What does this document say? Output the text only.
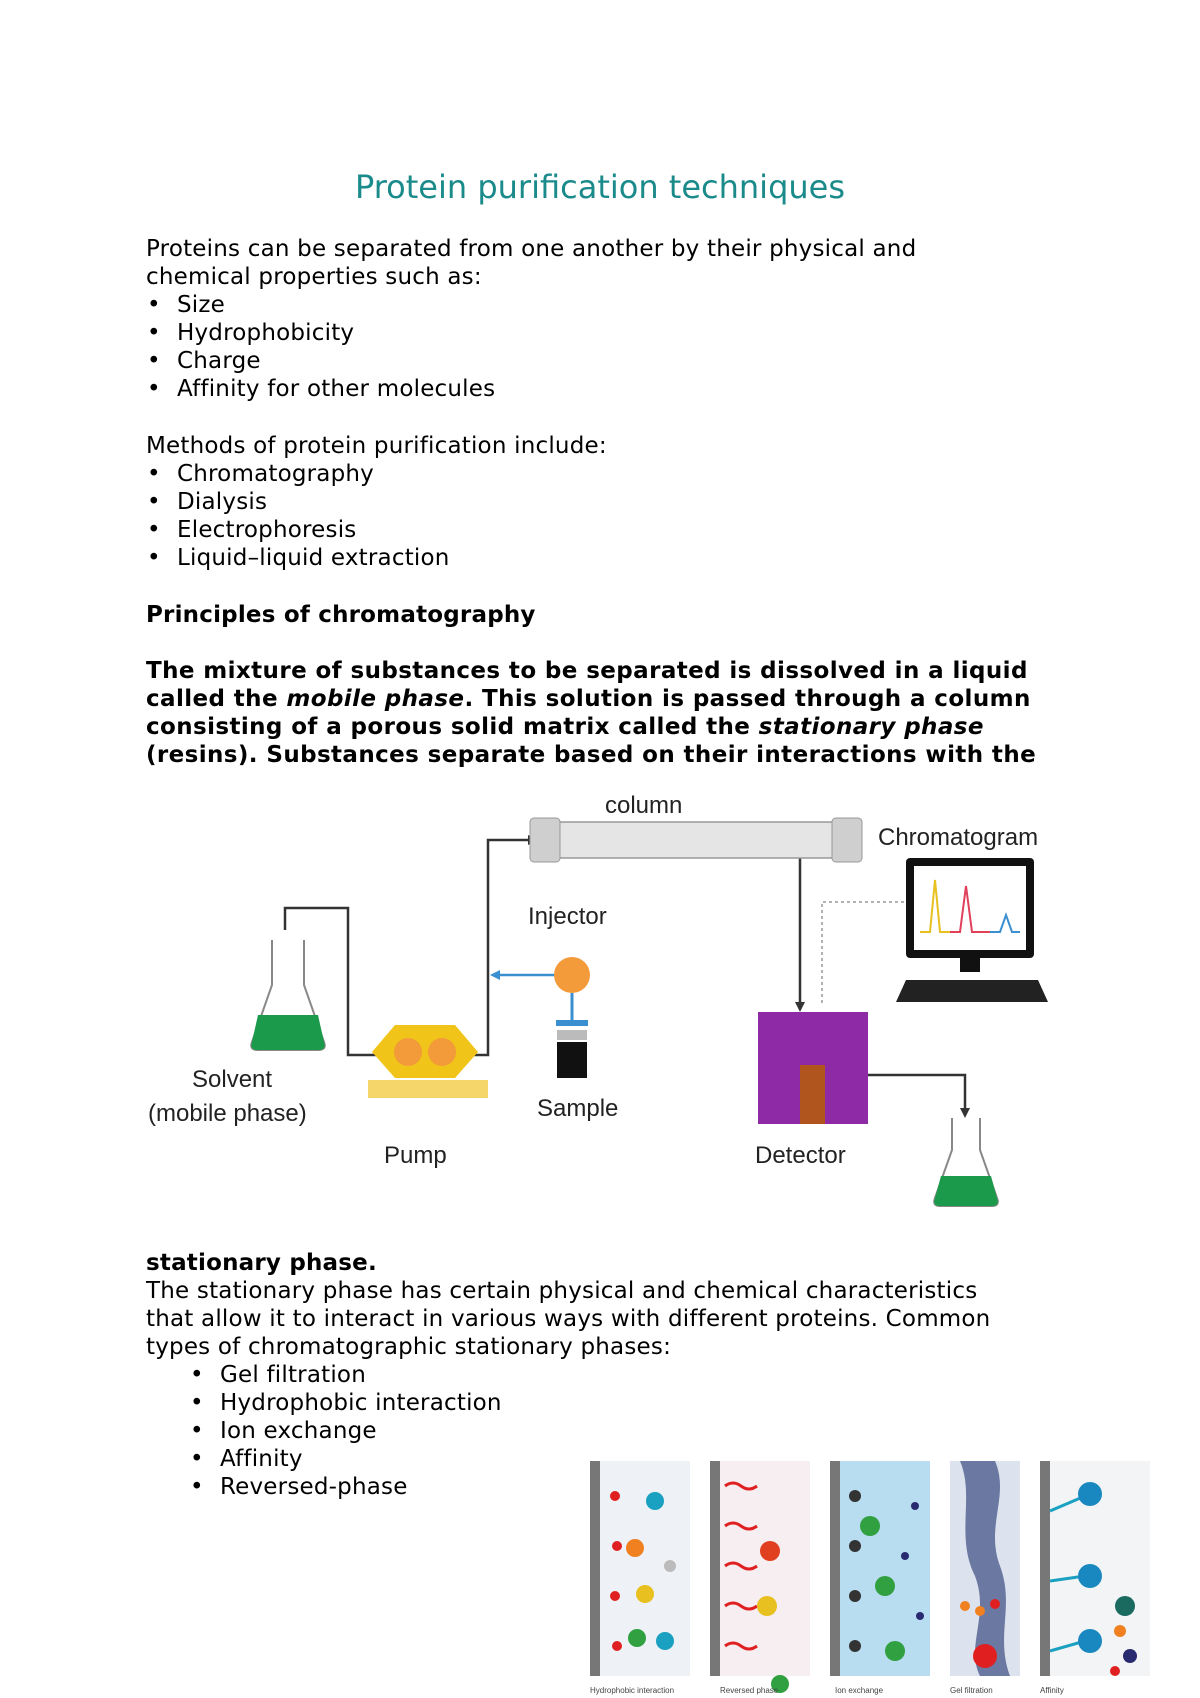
Protein purification techniques
Proteins can be separated from one another by their physical and
chemical properties such as:
• Size
• Hydrophobicity
• Charge
• Affinity for other molecules
Methods of protein purification include:
• Chromatography
• Dialysis
• Electrophoresis
• Liquid–liquid extraction
Principles of chromatography
The mixture of substances to be separated is dissolved in a liquid
called the mobile phase. This solution is passed through a column
consisting of a porous solid matrix called the stationary phase
(resins). Substances separate based on their interactions with the
column
Chromatogram
Injector
Solvent
(mobile phase)
Pump
Sample
Detector
stationary phase.
The stationary phase has certain physical and chemical characteristics
that allow it to interact in various ways with different proteins. Common
types of chromatographic stationary phases:
• Gel filtration
• Hydrophobic interaction
• Ion exchange
• Affinity
• Reversed-phase
Hydrophobic interaction	Reversed phase	Ion exchange	Gel filtration	Affinity
